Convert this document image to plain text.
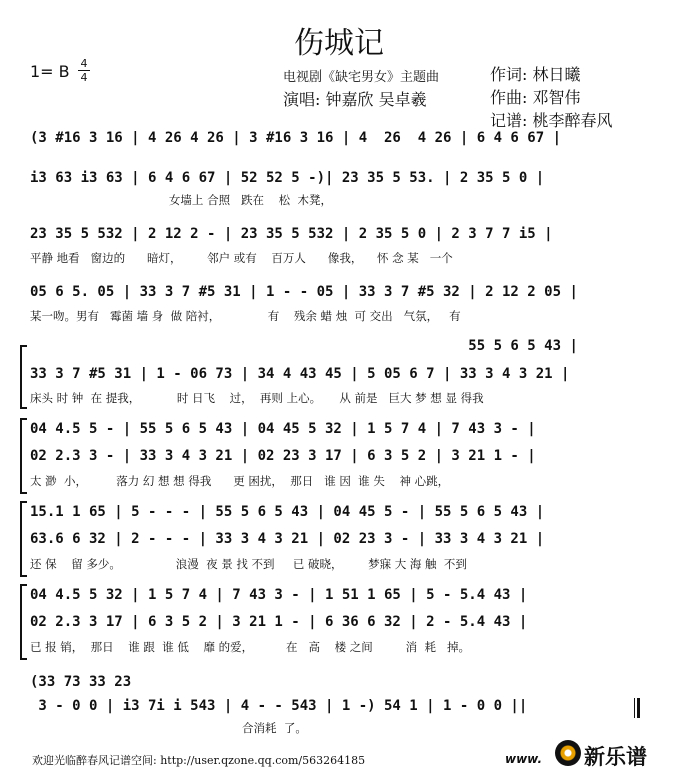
伤城记
1= B 4
4	电视剧《缺宅男女》主题曲	作词: 林日曦
演唱: 钟嘉欣 吴卓羲	作曲: 邓智伟
记谱: 桃李醉春风
(3 #16 3 16 | 4 26 4 26 | 3 #16 3 16 | 4  26  4 26 | 6 4 6 67 |
i3 63 i3 63 | 6 4 6 67 | 52 52 5 -)| 23 35 5 53. | 2 35 5 0 |
女墙上 合照   跌在    松  木凳，
23 35 5 532 | 2 12 2 - | 23 35 5 532 | 2 35 5 0 | 2 3 7 7 i5 |
平静 地看   窗边的      暗灯，       邻户 或有    百万人      像我，    怀 念 某   一个
05 6 5. 05 | 33 3 7 #5 31 | 1 - - 05 | 33 3 7 #5 32 | 2 12 2 05 |
某一吻。男有   霉菌 墙 身  做 陪衬，             有    残余 蜡 烛  可 交出   气氛，   有
55 5 6 5 43 |
33 3 7 #5 31 | 1 - 06 73 | 34 4 43 45 | 5 05 6 7 | 33 3 4 3 21 |
床头 时 钟  在 提我，          时 日飞    过，  再则 上心。     从 前是   巨大 梦 想 显 得我
04 4.5 5 - | 55 5 6 5 43 | 04 45 5 32 | 1 5 7 4 | 7 43 3 - |
02 2.3 3 - | 33 3 4 3 21 | 02 23 3 17 | 6 3 5 2 | 3 21 1 - |
太 渺  小，        落力 幻 想 想 得我      更 困扰，  那日   谁 因  谁 失    神 心跳，
15.1 1 65 | 5 - - - | 55 5 6 5 43 | 04 45 5 - | 55 5 6 5 43 |
63.6 6 32 | 2 - - - | 33 3 4 3 21 | 02 23 3 - | 33 3 4 3 21 |
还 保    留 多少。               浪漫  夜 景 找 不到     已 破晓，       梦寐 大 海 触  不到
04 4.5 5 32 | 1 5 7 4 | 7 43 3 - | 1 51 1 65 | 5 - 5.4 43 |
02 2.3 3 17 | 6 3 5 2 | 3 21 1 - | 6 36 6 32 | 2 - 5.4 43 |
已 报 销，  那日    谁 跟  谁 低    靡 的爱，         在   高    楼 之间         消  耗   掉。
(33 73 33 23
3 - 0 0 | i3 7i i 543 | 4 - - 543 | 1 -) 54 1 | 1 - 0 0 ||
合消耗  了。
欢迎光临醉春风记谱空间: http://user.qzone.qq.com/563264185	www. 新乐谱
